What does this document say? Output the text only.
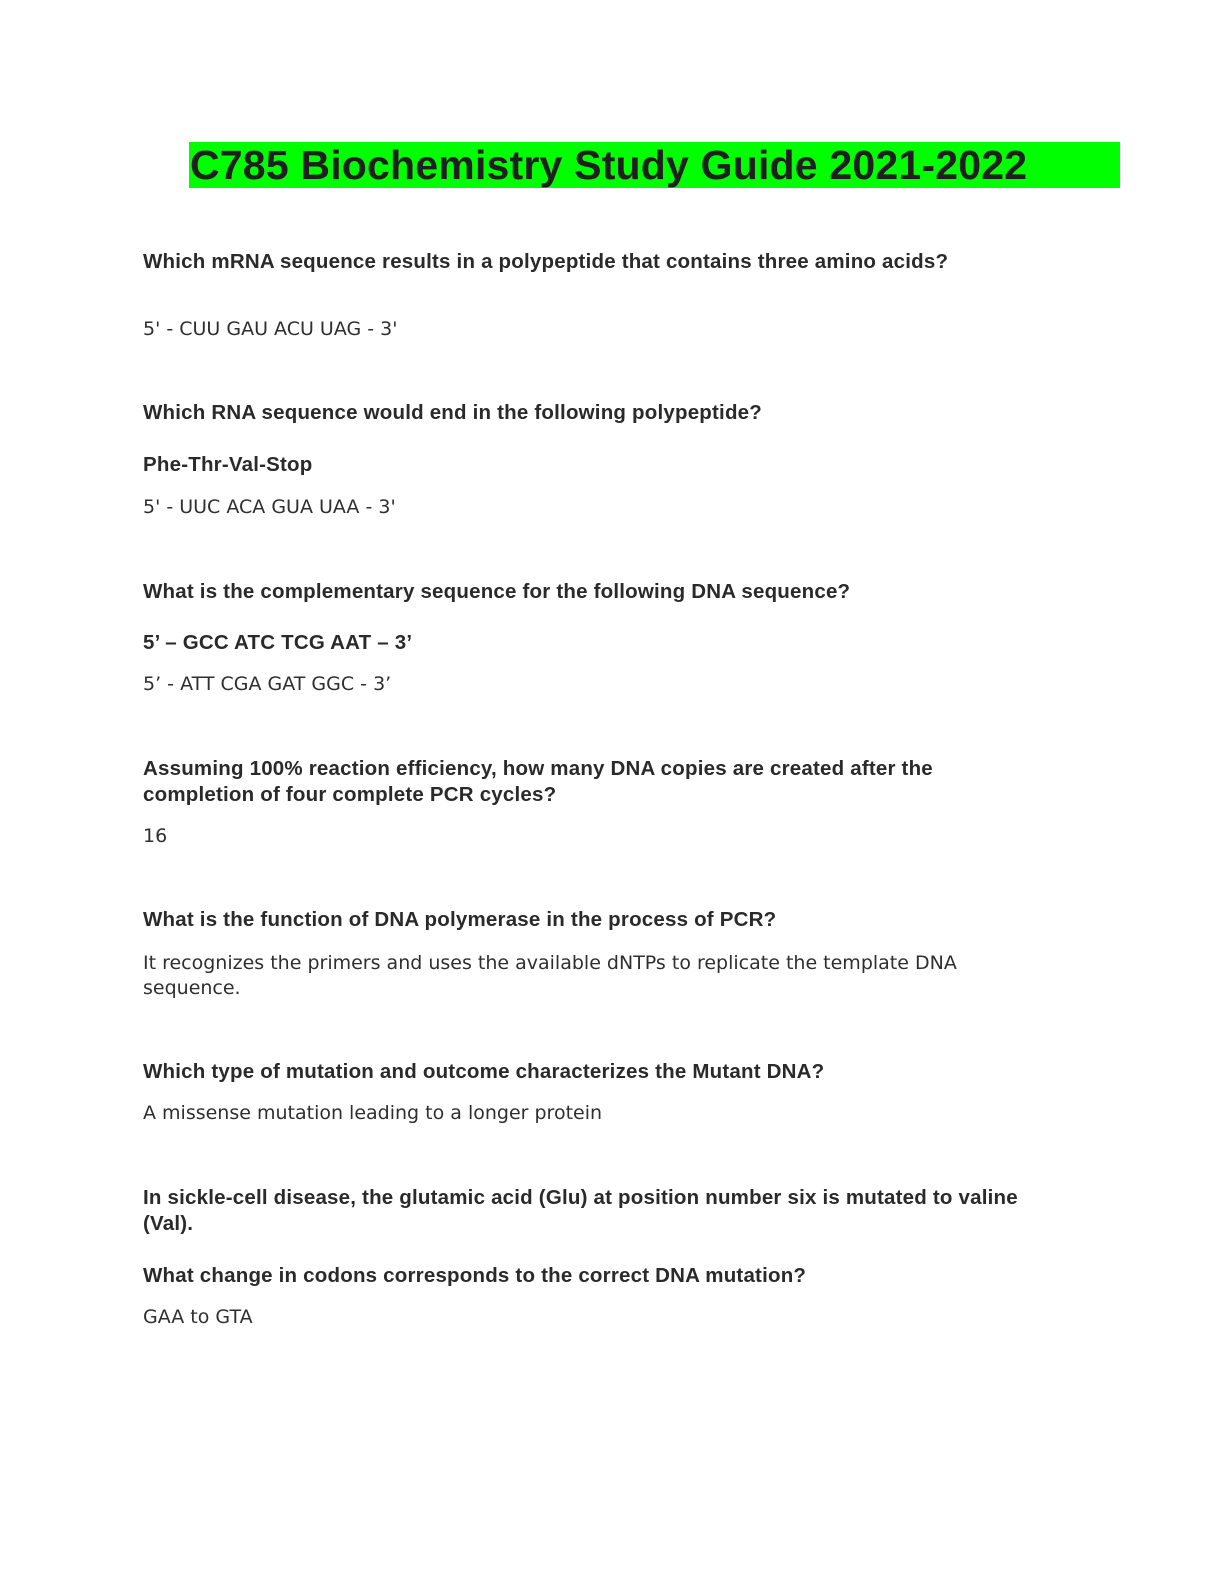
C785 Biochemistry Study Guide 2021-2022

Which mRNA sequence results in a polypeptide that contains three amino acids?

5' - CUU GAU ACU UAG - 3'

Which RNA sequence would end in the following polypeptide?

Phe-Thr-Val-Stop

5' - UUC ACA GUA UAA - 3'

What is the complementary sequence for the following DNA sequence?

5’ – GCC ATC TCG AAT – 3’

5’ - ATT CGA GAT GGC - 3’

Assuming 100% reaction efficiency, how many DNA copies are created after the completion of four complete PCR cycles?

16

What is the function of DNA polymerase in the process of PCR?

It recognizes the primers and uses the available dNTPs to replicate the template DNA sequence.

Which type of mutation and outcome characterizes the Mutant DNA?

A missense mutation leading to a longer protein

In sickle-cell disease, the glutamic acid (Glu) at position number six is mutated to valine (Val).

What change in codons corresponds to the correct DNA mutation?

GAA to GTA
